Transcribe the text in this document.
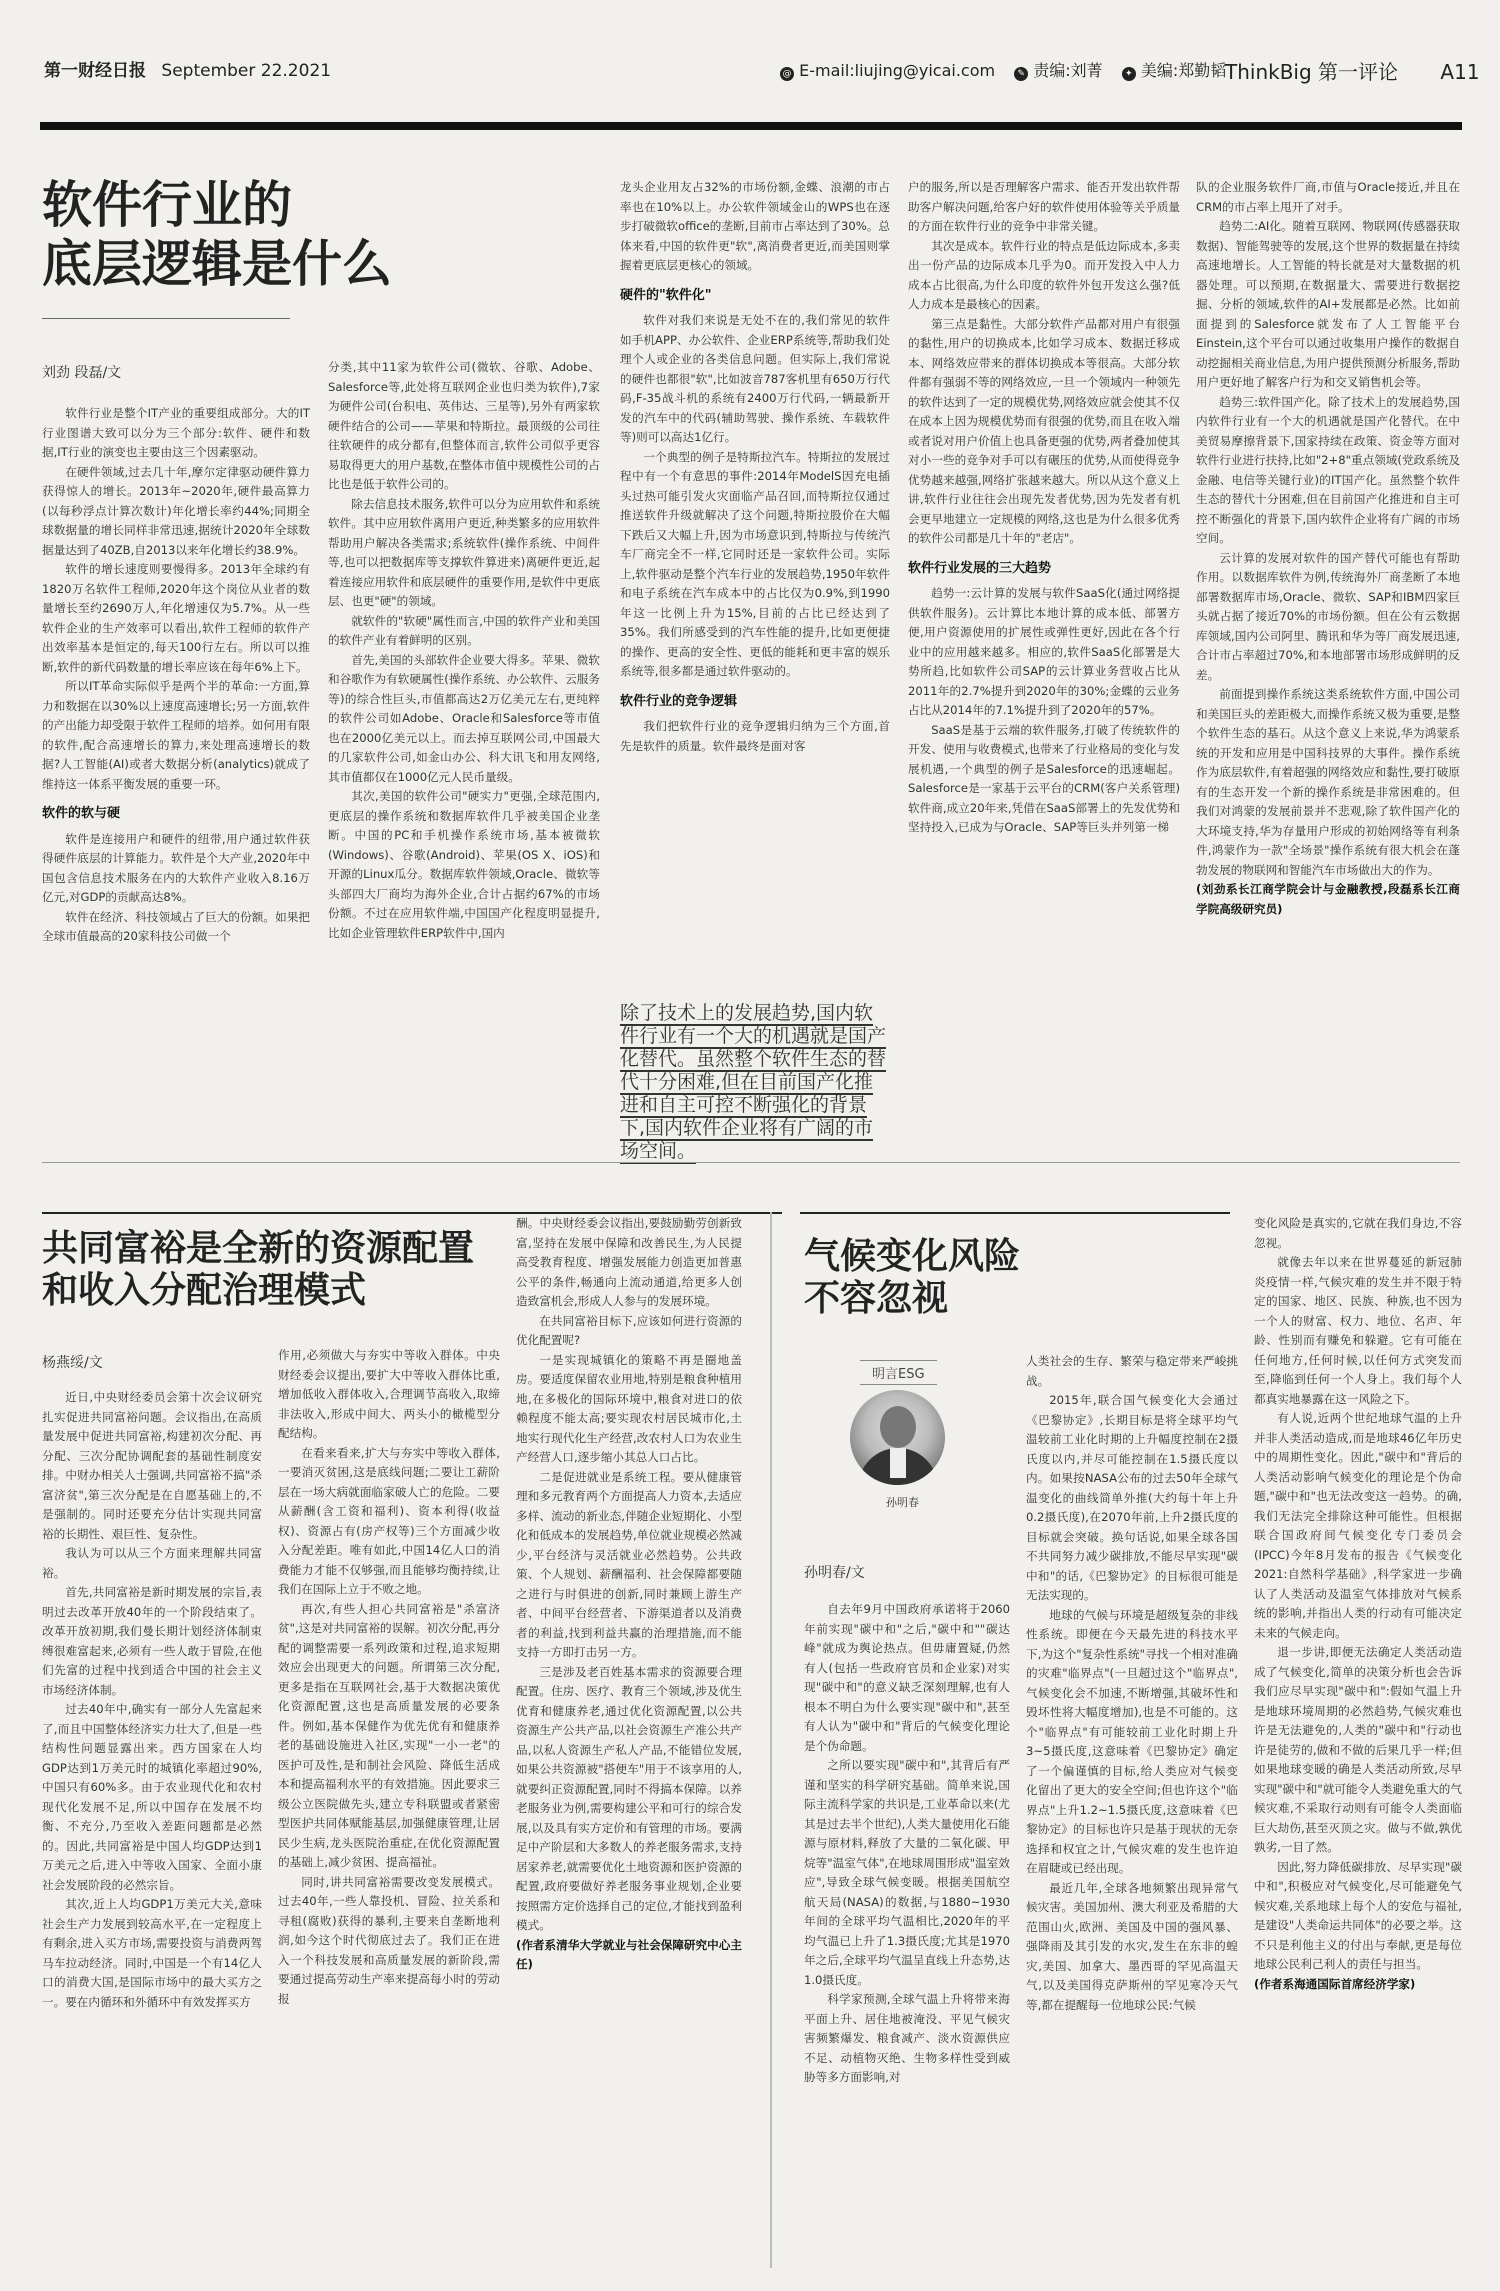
第一财经日报 September 22.2021	@ E-mail:liujing@yicai.com ✎ 责编:刘菁 ✦ 美编:郑勤韬
ThinkBig 第一评论 A11
软件行业的
底层逻辑是什么
刘劲 段磊/文

软件行业是整个IT产业的重要组成部分。大的IT行业图谱大致可以分为三个部分:软件、硬件和数据,IT行业的演变也主要由这三个因素驱动。

在硬件领域,过去几十年,摩尔定律驱动硬件算力获得惊人的增长。2013年~2020年,硬件最高算力(以每秒浮点计算次数计)年化增长率约44%;同期全球数据量的增长同样非常迅速,据统计2020年全球数据量达到了40ZB,自2013以来年化增长约38.9%。

软件的增长速度则要慢得多。2013年全球约有1820万名软件工程师,2020年这个岗位从业者的数量增长至约2690万人,年化增速仅为5.7%。从一些软件企业的生产效率可以看出,软件工程师的软件产出效率基本是恒定的,每天100行左右。所以可以推断,软件的新代码数量的增长率应该在每年6%上下。

所以IT革命实际似乎是两个半的革命:一方面,算力和数据在以30%以上速度高速增长;另一方面,软件的产出能力却受限于软件工程师的培养。如何用有限的软件,配合高速增长的算力,来处理高速增长的数据?人工智能(AI)或者大数据分析(analytics)就成了维持这一体系平衡发展的重要一环。

软件的软与硬

软件是连接用户和硬件的纽带,用户通过软件获得硬件底层的计算能力。软件是个大产业,2020年中国包含信息技术服务在内的大软件产业收入8.16万亿元,对GDP的贡献高达8%。

软件在经济、科技领域占了巨大的份额。如果把全球市值最高的20家科技公司做一个

分类,其中11家为软件公司(微软、谷歌、Adobe、Salesforce等,此处将互联网企业也归类为软件),7家为硬件公司(台积电、英伟达、三星等),另外有两家软硬件结合的公司——苹果和特斯拉。最顶级的公司往往软硬件的成分都有,但整体而言,软件公司似乎更容易取得更大的用户基数,在整体市值中规模性公司的占比也是低于软件公司的。

除去信息技术服务,软件可以分为应用软件和系统软件。其中应用软件离用户更近,种类繁多的应用软件帮助用户解决各类需求;系统软件(操作系统、中间件等,也可以把数据库等支撑软件算进来)离硬件更近,起着连接应用软件和底层硬件的重要作用,是软件中更底层、也更"硬"的领域。

就软件的"软硬"属性而言,中国的软件产业和美国的软件产业有着鲜明的区别。

首先,美国的头部软件企业要大得多。苹果、微软和谷歌作为有软硬属性(操作系统、办公软件、云服务等)的综合性巨头,市值都高达2万亿美元左右,更纯粹的软件公司如Adobe、Oracle和Salesforce等市值也在2000亿美元以上。而去掉互联网公司,中国最大的几家软件公司,如金山办公、科大讯飞和用友网络,其市值都仅在1000亿元人民币量级。

其次,美国的软件公司"硬实力"更强,全球范围内,更底层的操作系统和数据库软件几乎被美国企业垄断。中国的PC和手机操作系统市场,基本被微软(Windows)、谷歌(Android)、苹果(OS X、iOS)和开源的Linux瓜分。数据库软件领域,Oracle、微软等头部四大厂商均为海外企业,合计占据约67%的市场份额。不过在应用软件端,中国国产化程度明显提升,比如企业管理软件ERP软件中,国内

龙头企业用友占32%的市场份额,金蝶、浪潮的市占率也在10%以上。办公软件领域金山的WPS也在逐步打破微软office的垄断,目前市占率达到了30%。总体来看,中国的软件更"软",离消费者更近,而美国则掌握着更底层更核心的领域。

硬件的"软件化"

软件对我们来说是无处不在的,我们常见的软件如手机APP、办公软件、企业ERP系统等,帮助我们处理个人或企业的各类信息问题。但实际上,我们常说的硬件也都很"软",比如波音787客机里有650万行代码,F-35战斗机的系统有2400万行代码,一辆最新开发的汽车中的代码(辅助驾驶、操作系统、车载软件等)则可以高达1亿行。

一个典型的例子是特斯拉汽车。特斯拉的发展过程中有一个有意思的事件:2014年ModelS因充电插头过热可能引发火灾面临产品召回,而特斯拉仅通过推送软件升级就解决了这个问题,特斯拉股价在大幅下跌后又大幅上升,因为市场意识到,特斯拉与传统汽车厂商完全不一样,它同时还是一家软件公司。实际上,软件驱动是整个汽车行业的发展趋势,1950年软件和电子系统在汽车成本中的占比仅为0.9%,到1990年这一比例上升为15%,目前的占比已经达到了35%。我们所感受到的汽车性能的提升,比如更便捷的操作、更高的安全性、更低的能耗和更丰富的娱乐系统等,很多都是通过软件驱动的。

软件行业的竞争逻辑

我们把软件行业的竞争逻辑归纳为三个方面,首先是软件的质量。软件最终是面对客

除了技术上的发展趋势,国内软件行业有一个大的机遇就是国产化替代。虽然整个软件生态的替代十分困难,但在目前国产化推进和自主可控不断强化的背景下,国内软件企业将有广阔的市场空间。

户的服务,所以是否理解客户需求、能否开发出软件帮助客户解决问题,给客户好的软件使用体验等关乎质量的方面在软件行业的竞争中非常关键。

其次是成本。软件行业的特点是低边际成本,多卖出一份产品的边际成本几乎为0。而开发投入中人力成本占比很高,为什么印度的软件外包开发这么强?低人力成本是最核心的因素。

第三点是黏性。大部分软件产品都对用户有很强的黏性,用户的切换成本,比如学习成本、数据迁移成本、网络效应带来的群体切换成本等很高。大部分软件都有强弱不等的网络效应,一旦一个领域内一种领先的软件达到了一定的规模优势,网络效应就会使其不仅在成本上因为规模优势而有很强的优势,而且在收入端或者说对用户价值上也具备更强的优势,两者叠加使其对小一些的竞争对手可以有碾压的优势,从而使得竞争优势越来越强,网络扩张越来越大。所以从这个意义上讲,软件行业往往会出现先发者优势,因为先发者有机会更早地建立一定规模的网络,这也是为什么很多优秀的软件公司都是几十年的"老店"。

软件行业发展的三大趋势

趋势一:云计算的发展与软件SaaS化(通过网络提供软件服务)。云计算比本地计算的成本低、部署方便,用户资源使用的扩展性或弹性更好,因此在各个行业中的应用越来越多。相应的,软件SaaS化部署是大势所趋,比如软件公司SAP的云计算业务营收占比从2011年的2.7%提升到2020年的30%;金蝶的云业务占比从2014年的7.1%提升到了2020年的57%。

SaaS是基于云端的软件服务,打破了传统软件的开发、使用与收费模式,也带来了行业格局的变化与发展机遇,一个典型的例子是Salesforce的迅速崛起。Salesforce是一家基于云平台的CRM(客户关系管理)软件商,成立20年来,凭借在SaaS部署上的先发优势和坚持投入,已成为与Oracle、SAP等巨头并列第一梯

队的企业服务软件厂商,市值与Oracle接近,并且在CRM的市占率上甩开了对手。

趋势二:AI化。随着互联网、物联网(传感器获取数据)、智能驾驶等的发展,这个世界的数据量在持续高速地增长。人工智能的特长就是对大量数据的机器处理。可以预期,在数据量大、需要进行数据挖掘、分析的领域,软件的AI+发展都是必然。比如前面提到的Salesforce就发布了人工智能平台Einstein,这个平台可以通过收集用户操作的数据自动挖掘相关商业信息,为用户提供预测分析服务,帮助用户更好地了解客户行为和交叉销售机会等。

趋势三:软件国产化。除了技术上的发展趋势,国内软件行业有一个大的机遇就是国产化替代。在中美贸易摩擦背景下,国家持续在政策、资金等方面对软件行业进行扶持,比如"2+8"重点领域(党政系统及金融、电信等关键行业)的IT国产化。虽然整个软件生态的替代十分困难,但在目前国产化推进和自主可控不断强化的背景下,国内软件企业将有广阔的市场空间。

云计算的发展对软件的国产替代可能也有帮助作用。以数据库软件为例,传统海外厂商垄断了本地部署数据库市场,Oracle、微软、SAP和IBM四家巨头就占据了接近70%的市场份额。但在公有云数据库领域,国内公司阿里、腾讯和华为等厂商发展迅速,合计市占率超过70%,和本地部署市场形成鲜明的反差。

前面提到操作系统这类系统软件方面,中国公司和美国巨头的差距极大,而操作系统又极为重要,是整个软件生态的基石。从这个意义上来说,华为鸿蒙系统的开发和应用是中国科技界的大事件。操作系统作为底层软件,有着超强的网络效应和黏性,要打破原有的生态开发一个新的操作系统是非常困难的。但我们对鸿蒙的发展前景并不悲观,除了软件国产化的大环境支持,华为存量用户形成的初始网络等有利条件,鸿蒙作为一款"全场景"操作系统有很大机会在蓬勃发展的物联网和智能汽车市场做出大的作为。

(刘劲系长江商学院会计与金融教授,段磊系长江商学院高级研究员)

共同富裕是全新的资源配置
和收入分配治理模式
杨燕绥/文

近日,中央财经委员会第十次会议研究扎实促进共同富裕问题。会议指出,在高质量发展中促进共同富裕,构建初次分配、再分配、三次分配协调配套的基础性制度安排。中财办相关人士强调,共同富裕不搞"杀富济贫",第三次分配是在自愿基础上的,不是强制的。同时还要充分估计实现共同富裕的长期性、艰巨性、复杂性。

我认为可以从三个方面来理解共同富裕。

首先,共同富裕是新时期发展的宗旨,表明过去改革开放40年的一个阶段结束了。改革开放初期,我们曼长期计划经济体制束缚很难富起来,必须有一些人敢于冒险,在他们先富的过程中找到适合中国的社会主义市场经济体制。

过去40年中,确实有一部分人先富起来了,而且中国整体经济实力壮大了,但是一些结构性问题显露出来。西方国家在人均GDP达到1万美元时的城镇化率超过90%,中国只有60%多。由于农业现代化和农村现代化发展不足,所以中国存在发展不均衡、不充分,乃至收入差距问题都是必然的。因此,共同富裕是中国人均GDP达到1万美元之后,进入中等收入国家、全面小康社会发展阶段的必然宗旨。

其次,近上人均GDP1万美元大关,意味社会生产力发展到较高水平,在一定程度上有剩余,进入买方市场,需要投资与消费两驾马车拉动经济。同时,中国是一个有14亿人口的消费大国,是国际市场中的最大买方之一。要在内循环和外循环中有效发挥买方

作用,必须做大与夯实中等收入群体。中央财经委会议提出,要扩大中等收入群体比重,增加低收入群体收入,合理调节高收入,取缔非法收入,形成中间大、两头小的橄榄型分配结构。

在看来看来,扩大与夯实中等收入群体,一要消灭贫困,这是底线问题;二要让工薪阶层在一场大病就面临家破人亡的危险。二要从薪酬(含工资和福利)、资本利得(收益权)、资源占有(房产权等)三个方面减少收入分配差距。唯有如此,中国14亿人口的消费能力才能不仅够强,而且能够均衡持续,让我们在国际上立于不败之地。

再次,有些人担心共同富裕是"杀富济贫",这是对共同富裕的误解。初次分配,再分配的调整需要一系列政策和过程,追求短期效应会出现更大的问题。所谓第三次分配,更多是指在互联网社会,基于大数据决策优化资源配置,这也是高质量发展的必要条件。例如,基本保健作为优先优有和健康养老的基础设施进入社区,实现"一小一老"的医护可及性,是和制社会风险、降低生活成本和提高福利水平的有效措施。因此要求三级公立医院做先头,建立专科联盟或者紧密型医护共同体赋能基层,加强健康管理,让居民少生病,龙头医院治重症,在优化资源配置的基础上,减少贫困、提高福祉。

同时,讲共同富裕需要改变发展模式。过去40年,一些人靠投机、冒险、拉关系和寻租(腐败)获得的暴利,主要来自垄断地利润,如今这个时代彻底过去了。我们正在进入一个科技发展和高质量发展的新阶段,需要通过提高劳动生产率来提高每小时的劳动报

酬。中央财经委会议指出,要鼓励勤劳创新致富,坚持在发展中保障和改善民生,为人民提高受教育程度、增强发展能力创造更加普惠公平的条件,畅通向上流动通道,给更多人创造致富机会,形成人人参与的发展环境。

在共同富裕目标下,应该如何进行资源的优化配置呢?

一是实现城镇化的策略不再是圈地盖房。要适度保留农业用地,特别是粮食种植用地,在多极化的国际环境中,粮食对进口的依赖程度不能太高;要实现农村居民城市化,土地实行现代化生产经营,改农村人口为农业生产经营人口,逐步缩小其总人口占比。

二是促进就业是系统工程。要从健康管理和多元教育两个方面提高人力资本,去适应多样、流动的新业态,伴随企业短期化、小型化和低成本的发展趋势,单位就业规模必然减少,平台经济与灵活就业必然趋势。公共政策、个人规划、薪酬福利、社会保障都要随之进行与时俱进的创新,同时兼顾上游生产者、中间平台经营者、下游渠道者以及消费者的利益,找到利益共赢的治理措施,而不能支持一方即打击另一方。

三是涉及老百姓基本需求的资源要合理配置。住房、医疗、教育三个领域,涉及优生优育和健康养老,通过优化资源配置,以公共资源生产公共产品,以社会资源生产准公共产品,以私人资源生产私人产品,不能错位发展,如果公共资源被"搭便车"用于不该享用的人,就要纠正资源配置,同时不得搞本保障。以养老服务业为例,需要构建公平和可行的综合发展,以及具有实方定价和有管理的市场。要满足中产阶层和大多数人的养老服务需求,支持居家养老,就需要优化土地资源和医护资源的配置,政府要做好养老服务事业规划,企业要按照需方定价选择自己的定位,才能找到盈利模式。

(作者系清华大学就业与社会保障研究中心主任)

气候变化风险
不容忽视
明言ESG
孙明春
孙明春/文

自去年9月中国政府承诺将于2060年前实现"碳中和"之后,"碳中和""碳达峰"就成为舆论热点。但毋庸置疑,仍然有人(包括一些政府官员和企业家)对实现"碳中和"的意义缺乏深刻理解,也有人根本不明白为什么要实现"碳中和",甚至有人认为"碳中和"背后的气候变化理论是个伪命题。

之所以要实现"碳中和",其背后有严谨和坚实的科学研究基础。简单来说,国际主流科学家的共识是,工业革命以来(尤其是过去半个世纪),人类大量使用化石能源与原材料,释放了大量的二氧化碳、甲烷等"温室气体",在地球周围形成"温室效应",导致全球气候变暖。根据美国航空航天局(NASA)的数据,与1880~1930年间的全球平均气温相比,2020年的平均气温已上升了1.3摄氏度;尤其是1970年之后,全球平均气温呈直线上升态势,达1.0摄氏度。

科学家预测,全球气温上升将带来海平面上升、居住地被淹没、平见气候灾害频繁爆发、粮食减产、淡水资源供应不足、动植物灭绝、生物多样性受到威胁等多方面影响,对

人类社会的生存、繁荣与稳定带来严峻挑战。

2015年,联合国气候变化大会通过《巴黎协定》,长期目标是将全球平均气温较前工业化时期的上升幅度控制在2摄氏度以内,并尽可能控制在1.5摄氏度以内。如果按NASA公布的过去50年全球气温变化的曲线简单外推(大约每十年上升0.2摄氏度),在2070年前,上升2摄氏度的目标就会突破。换句话说,如果全球各国不共同努力减少碳排放,不能尽早实现"碳中和"的话,《巴黎协定》的目标很可能是无法实现的。

地球的气候与环境是超级复杂的非线性系统。即便在今天最先进的科技水平下,为这个"复杂性系统"寻找一个相对准确的灾难"临界点"(一旦超过这个"临界点",气候变化会不加速,不断增强,其破坏性和毁坏性将大幅度增加),也是不可能的。这个"临界点"有可能较前工业化时期上升3~5摄氏度,这意味着《巴黎协定》确定了一个偏谨慎的目标,给人类应对气候变化留出了更大的安全空间;但也许这个"临界点"上升1.2~1.5摄氏度,这意味着《巴黎协定》的目标也许只是基于现状的无奈选择和权宜之计,气候灾难的发生也许迫在眉睫或已经出现。

最近几年,全球各地频繁出现异常气候灾害。美国加州、澳大利亚及希腊的大范围山火,欧洲、美国及中国的强风暴、强降雨及其引发的水灾,发生在东非的蝗灾,美国、加拿大、墨西哥的罕见高温天气,以及美国得克萨斯州的罕见寒冷天气等,都在提醒每一位地球公民:气候

变化风险是真实的,它就在我们身边,不容忽视。

就像去年以来在世界蔓延的新冠肺炎疫情一样,气候灾难的发生并不限于特定的国家、地区、民族、种族,也不因为一个人的财富、权力、地位、名声、年龄、性别而有赚免和躲避。它有可能在任何地方,任何时候,以任何方式突发而至,降临到任何一个人身上。我们每个人都真实地暴露在这一风险之下。

有人说,近两个世纪地球气温的上升并非人类活动造成,而是地球46亿年历史中的周期性变化。因此,"碳中和"背后的人类活动影响气候变化的理论是个伪命题,"碳中和"也无法改变这一趋势。的确,我们无法完全排除这种可能性。但根据联合国政府间气候变化专门委员会(IPCC)今年8月发布的报告《气候变化2021:自然科学基础》,科学家进一步确认了人类活动及温室气体排放对气候系统的影响,并指出人类的行动有可能决定未来的气候走向。

退一步讲,即便无法确定人类活动造成了气候变化,简单的决策分析也会告诉我们应尽早实现"碳中和":假如气温上升是地球环境周期的必然趋势,气候灾难也许是无法避免的,人类的"碳中和"行动也许是徒劳的,做和不做的后果几乎一样;但如果地球变暖的确是人类活动所致,尽早实现"碳中和"就可能令人类避免重大的气候灾难,不采取行动则有可能令人类面临巨大劫伤,甚至灭顶之灾。做与不做,孰优孰劣,一目了然。

因此,努力降低碳排放、尽早实现"碳中和",积极应对气候变化,尽可能避免气候灾难,关系地球上每个人的安危与福祉,是建设"人类命运共同体"的必要之举。这不只是利他主义的付出与奉献,更是每位地球公民利己利人的责任与担当。

(作者系海通国际首席经济学家)
